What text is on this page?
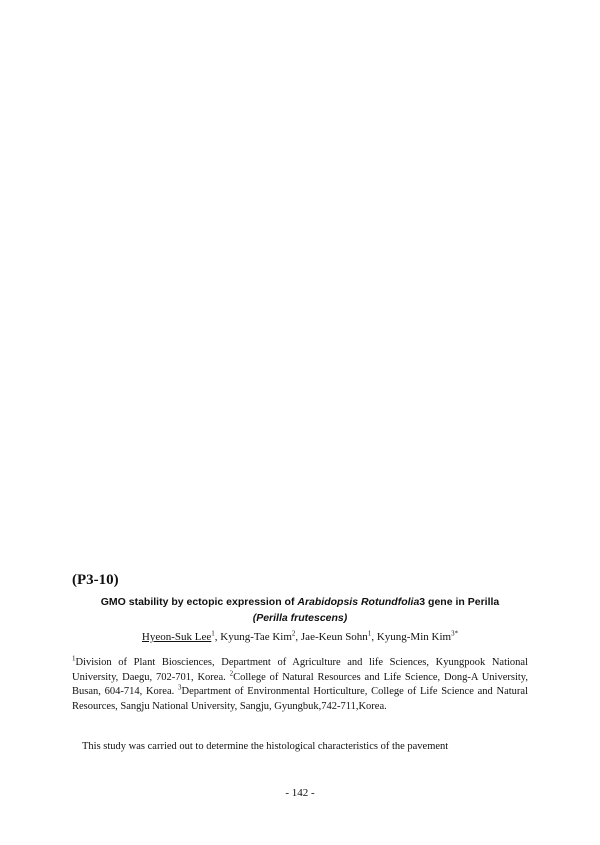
(P3-10)
GMO stability by ectopic expression of Arabidopsis Rotundfolia3 gene in Perilla
(Perilla frutescens)
Hyeon-Suk Lee$^1$, Kyung-Tae Kim$^2$, Jae-Keun Sohn$^1$, Kyung-Min Kim$^{3*}$
$^1$Division of Plant Biosciences, Department of Agriculture and life Sciences, Kyungpook National University, Daegu, 702-701, Korea. $^2$College of Natural Resources and Life Science, Dong-A University, Busan, 604-714, Korea. $^3$Department of Environmental Horticulture, College of Life Science and Natural Resources, Sangju National University, Sangju, Gyungbuk,742-711,Korea.
This study was carried out to determine the histological characteristics of the pavement
- 142 -
